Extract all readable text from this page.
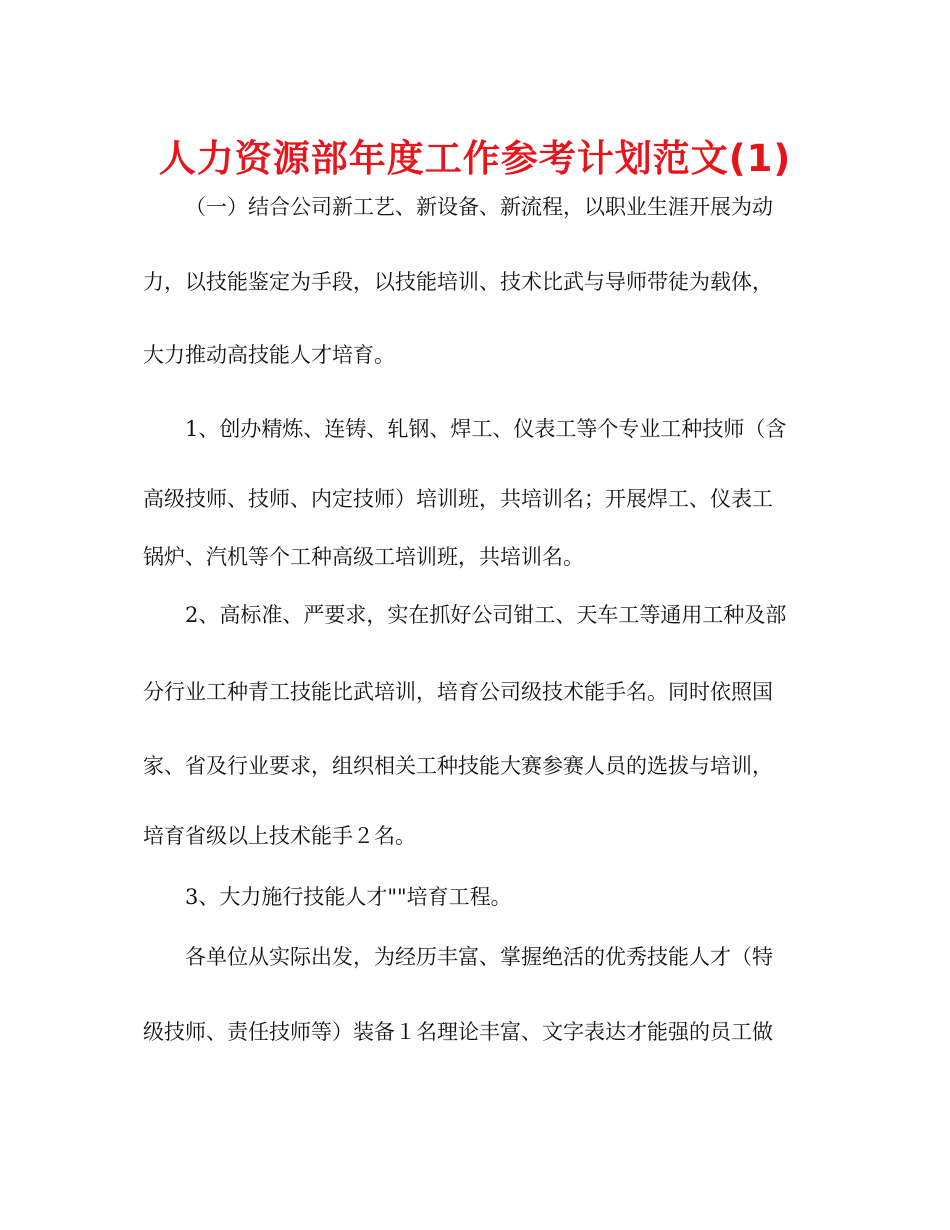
人力资源部年度工作参考计划范文(1)
（一）结合公司新工艺、新设备、新流程，以职业生涯开展为动
力，以技能鉴定为手段，以技能培训、技术比武与导师带徒为载体，
大力推动高技能人才培育。
1、创办精炼、连铸、轧钢、焊工、仪表工等个专业工种技师（含
高级技师、技师、内定技师）培训班，共培训名；开展焊工、仪表工
锅炉、汽机等个工种高级工培训班，共培训名。
2、高标准、严要求，实在抓好公司钳工、天车工等通用工种及部
分行业工种青工技能比武培训，培育公司级技术能手名。同时依照国
家、省及行业要求，组织相关工种技能大赛参赛人员的选拔与培训，
培育省级以上技术能手２名。
3、大力施行技能人才""培育工程。
各单位从实际出发，为经历丰富、掌握绝活的优秀技能人才（特
级技师、责任技师等）装备１名理论丰富、文字表达才能强的员工做
